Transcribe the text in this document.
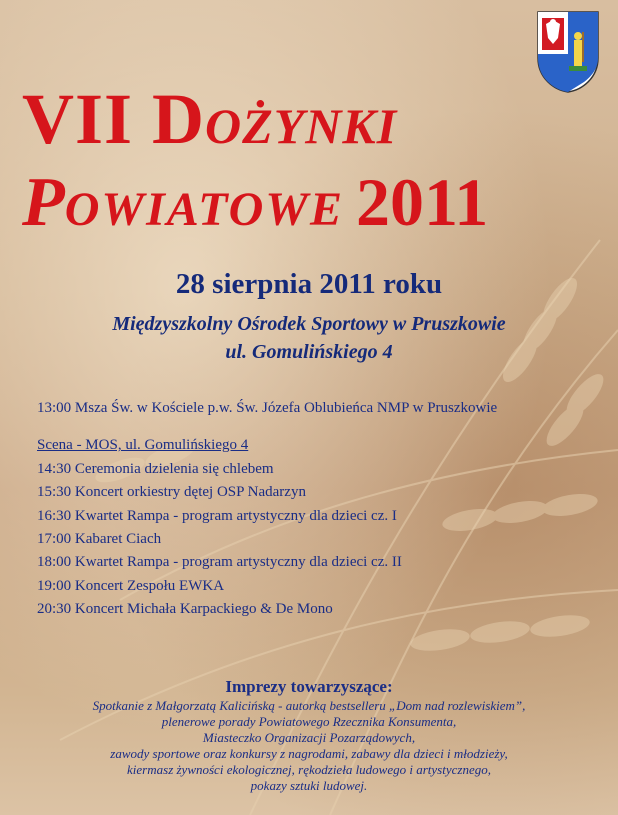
VII DOŻYNKI
POWIATOWE 2011
28 sierpnia 2011 roku
Międzyszkolny Ośrodek Sportowy w Pruszkowie
ul. Gomulińskiego 4
13:00 Msza Św. w Kościele p.w. Św. Józefa Oblubieńca NMP w Pruszkowie
Scena - MOS, ul. Gomulińskiego 4
14:30 Ceremonia dzielenia się chlebem
15:30 Koncert orkiestry dętej OSP Nadarzyn
16:30 Kwartet Rampa - program artystyczny dla dzieci cz. I
17:00 Kabaret Ciach
18:00 Kwartet Rampa - program artystyczny dla dzieci cz. II
19:00 Koncert Zespołu EWKA
20:30 Koncert Michała Karpackiego & De Mono
Imprezy towarzyszące:
Spotkanie z Małgorzatą Kalicińską - autorką bestselleru „Dom nad rozlewiskiem”,
plenerowe porady Powiatowego Rzecznika Konsumenta,
Miasteczko Organizacji Pozarządowych,
zawody sportowe oraz konkursy z nagrodami, zabawy dla dzieci i młodzieży,
kiermasz żywności ekologicznej, rękodzieła ludowego i artystycznego,
pokazy sztuki ludowej.
